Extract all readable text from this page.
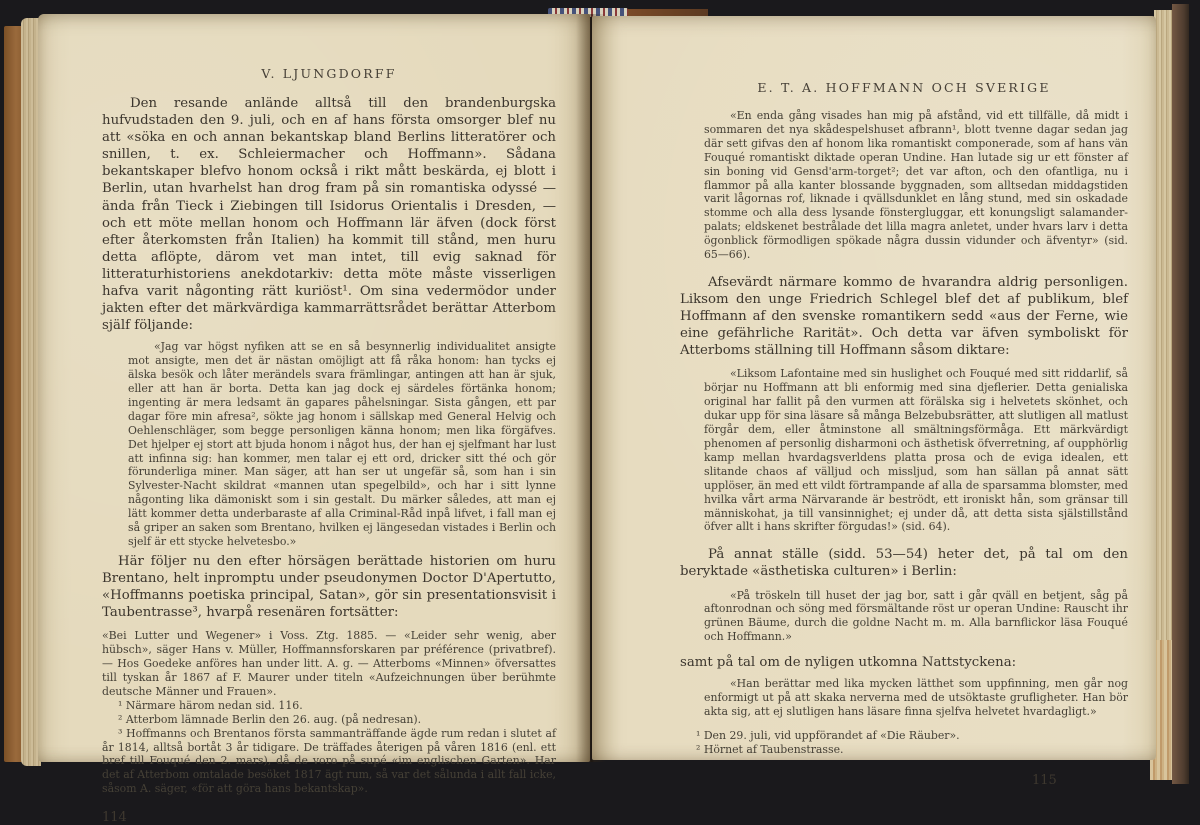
V. LJUNGDORFF

Den resande anlände alltså till den brandenburgska hufvudstaden den 9. juli, och en af hans första omsorger blef nu att «söka en och annan bekantskap bland Berlins litteratörer och snillen, t. ex. Schleiermacher och Hoffmann». Sådana bekantskaper blefvo honom också i rikt mått beskärda, ej blott i Berlin, utan hvarhelst han drog fram på sin romantiska odyssé — ända från Tieck i Ziebingen till Isidorus Orientalis i Dresden, — och ett möte mellan honom och Hoffmann lär äfven (dock först efter återkomsten från Italien) ha kommit till stånd, men huru detta aflöpte, därom vet man intet, till evig saknad för litteraturhistoriens anekdotarkiv: detta möte måste visserligen hafva varit någonting rätt kuriöst¹. Om sina vedermödor under jakten efter det märkvärdiga kammarrättsrådet berättar Atterbom själf följande:

«Jag var högst nyfiken att se en så besynnerlig individualitet ansigte mot ansigte, men det är nästan omöjligt att få råka honom: han tycks ej älska besök och låter merändels svara främlingar, antingen att han är sjuk, eller att han är borta. Detta kan jag dock ej särdeles förtänka honom; ingenting är mera ledsamt än gapares påhelsningar. Sista gången, ett par dagar före min afresa², sökte jag honom i sällskap med General Helvig och Oehlenschläger, som begge personligen känna honom; men lika förgäfves. Det hjelper ej stort att bjuda honom i något hus, der han ej sjelfmant har lust att infinna sig: han kommer, men talar ej ett ord, dricker sitt thé och gör förunderliga miner. Man säger, att han ser ut ungefär så, som han i sin Sylvester-Nacht skildrat «mannen utan spegelbild», och har i sitt lynne någonting lika dämoniskt som i sin gestalt. Du märker således, att man ej lätt kommer detta underbaraste af alla Criminal-Råd inpå lifvet, i fall man ej så griper an saken som Brentano, hvilken ej längesedan vistades i Berlin och sjelf är ett stycke helvetesbo.»

Här följer nu den efter hörsägen berättade historien om huru Brentano, helt inpromptu under pseudonymen Doctor D'Apertutto, «Hoffmanns poetiska principal, Satan», gör sin presentationsvisit i Taubentrasse³, hvarpå resenären fortsätter:

«Bei Lutter und Wegener» i Voss. Ztg. 1885. — «Leider sehr wenig, aber hübsch», säger Hans v. Müller, Hoffmannsforskaren par préférence (privatbref). — Hos Goedeke anföres han under litt. A. g. — Atterboms «Minnen» öfversattes till tyskan år 1867 af F. Maurer under titeln «Aufzeichnungen über berühmte deutsche Männer und Frauen».

¹ Närmare härom nedan sid. 116.

² Atterbom lämnade Berlin den 26. aug. (på nedresan).

³ Hoffmanns och Brentanos första sammanträffande ägde rum redan i slutet af år 1814, alltså bortåt 3 år tidigare. De träffades återigen på våren 1816 (enl. ett bref till Fouqué den 2. mars), då de voro på supé «im englischen Garten». Har det af Atterbom omtalade besöket 1817 ägt rum, så var det sålunda i allt fall icke, såsom A. säger, «för att göra hans bekantskap».

114
E. T. A. HOFFMANN OCH SVERIGE

«En enda gång visades han mig på afstånd, vid ett tillfälle, då midt i sommaren det nya skådespelshuset afbrann¹, blott tvenne dagar sedan jag där sett gifvas den af honom lika romantiskt componerade, som af hans vän Fouqué romantiskt diktade operan Undine. Han lutade sig ur ett fönster af sin boning vid Gensd'arm-torget²; det var afton, och den ofantliga, nu i flammor på alla kanter blossande byggnaden, som alltsedan middagstiden varit lågornas rof, liknade i qvällsdunklet en lång stund, med sin oskadade stomme och alla dess lysande fönstergluggar, ett konungsligt salamander-palats; eldskenet bestrålade det lilla magra anletet, under hvars larv i detta ögonblick förmodligen spökade några dussin vidunder och äfventyr» (sid. 65—66).

Afsevärdt närmare kommo de hvarandra aldrig personligen. Liksom den unge Friedrich Schlegel blef det af publikum, blef Hoffmann af den svenske romantikern sedd «aus der Ferne, wie eine gefährliche Rarität». Och detta var äfven symboliskt för Atterboms ställning till Hoffmann såsom diktare:

«Liksom Lafontaine med sin huslighet och Fouqué med sitt riddarlif, så börjar nu Hoffmann att bli enformig med sina djeflerier. Detta genialiska original har fallit på den vurmen att förälska sig i helvetets skönhet, och dukar upp för sina läsare så många Belzebubsrätter, att slutligen all matlust förgår dem, eller åtminstone all smältningsförmåga. Ett märkvärdigt phenomen af personlig disharmoni och ästhetisk öfverretning, af oupphörlig kamp mellan hvardagsverldens platta prosa och de eviga idealen, ett slitande chaos af välljud och missljud, som han sällan på annat sätt upplöser, än med ett vildt förtrampande af alla de sparsamma blomster, med hvilka vårt arma Närvarande är beströdt, ett ironiskt hån, som gränsar till människohat, ja till vansinnighet; ej under då, att detta sista själstillstånd öfver allt i hans skrifter förgudas!» (sid. 64).

På annat ställe (sidd. 53—54) heter det, på tal om den beryktade «ästhetiska culturen» i Berlin:

«På tröskeln till huset der jag bor, satt i går qväll en betjent, såg på aftonrodnan och söng med försmältande röst ur operan Undine: Rauscht ihr grünen Bäume, durch die goldne Nacht m. m. Alla barnflickor läsa Fouqué och Hoffmann.»

samt på tal om de nyligen utkomna Nattstyckena:

«Han berättar med lika mycken lätthet som uppfinning, men går nog enformigt ut på att skaka nerverna med de utsöktaste grufligheter. Han bör akta sig, att ej slutligen hans läsare finna sjelfva helvetet hvardagligt.»

¹ Den 29. juli, vid uppförandet af «Die Räuber».

² Hörnet af Taubenstrasse.

115
